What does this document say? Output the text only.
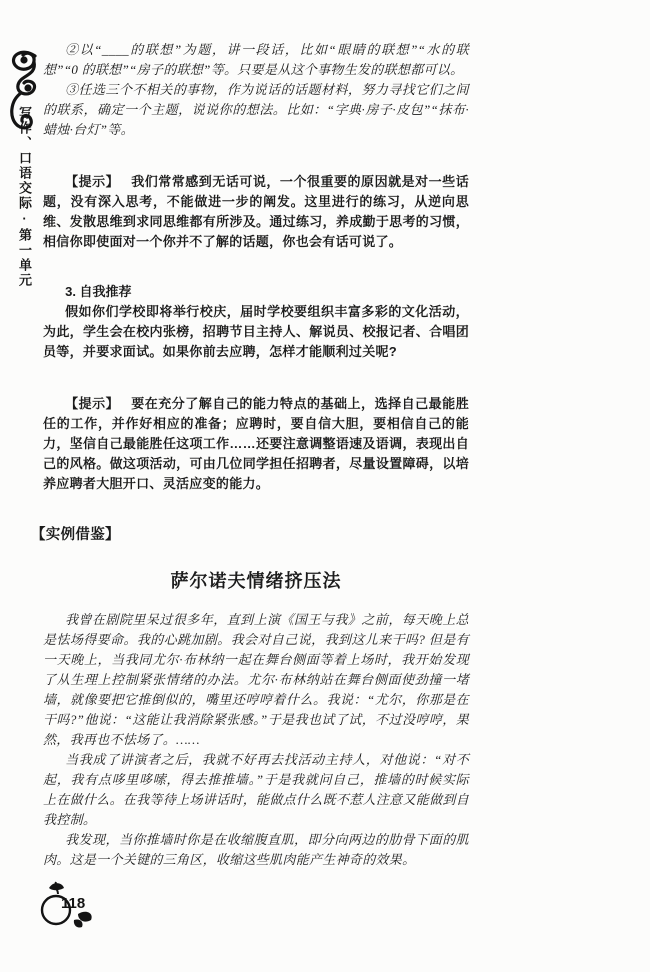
写作、口语交际·第一单元

②以“____的联想”为题，讲一段话，比如“眼睛的联想”“水的联想”“0 的联想”“房子的联想”等。只要是从这个事物生发的联想都可以。

③任选三个不相关的事物，作为说话的话题材料，努力寻找它们之间的联系，确定一个主题，说说你的想法。比如：“字典·房子·皮包”“抹布·蜡烛·台灯”等。

【提示】 我们常常感到无话可说，一个很重要的原因就是对一些话题，没有深入思考，不能做进一步的阐发。这里进行的练习，从逆向思维、发散思维到求同思维都有所涉及。通过练习，养成勤于思考的习惯，相信你即使面对一个你并不了解的话题，你也会有话可说了。

3. 自我推荐

假如你们学校即将举行校庆，届时学校要组织丰富多彩的文化活动，为此，学生会在校内张榜，招聘节目主持人、解说员、校报记者、合唱团员等，并要求面试。如果你前去应聘，怎样才能顺利过关呢?

【提示】 要在充分了解自己的能力特点的基础上，选择自己最能胜任的工作，并作好相应的准备；应聘时，要自信大胆，要相信自己的能力，坚信自己最能胜任这项工作……还要注意调整语速及语调，表现出自己的风格。做这项活动，可由几位同学担任招聘者，尽量设置障碍，以培养应聘者大胆开口、灵活应变的能力。

【实例借鉴】

萨尔诺夫情绪挤压法

我曾在剧院里呆过很多年，直到上演《国王与我》之前，每天晚上总是怯场得要命。我的心跳加剧。我会对自己说，我到这儿来干吗? 但是有一天晚上，当我同尤尔·布林纳一起在舞台侧面等着上场时，我开始发现了从生理上控制紧张情绪的办法。尤尔·布林纳站在舞台侧面使劲撞一堵墙，就像要把它推倒似的，嘴里还哼哼着什么。我说：“尤尔，你那是在干吗?”他说：“这能让我消除紧张感。”于是我也试了试，不过没哼哼，果然，我再也不怯场了。……

当我成了讲演者之后，我就不好再去找活动主持人，对他说：“对不起，我有点哆里哆嗦，得去推推墙。”于是我就问自己，推墙的时候实际上在做什么。在我等待上场讲话时，能做点什么既不惹人注意又能做到自我控制。

我发现，当你推墙时你是在收缩腹直肌，即分向两边的肋骨下面的肌肉。这是一个关键的三角区，收缩这些肌肉能产生神奇的效果。

118
